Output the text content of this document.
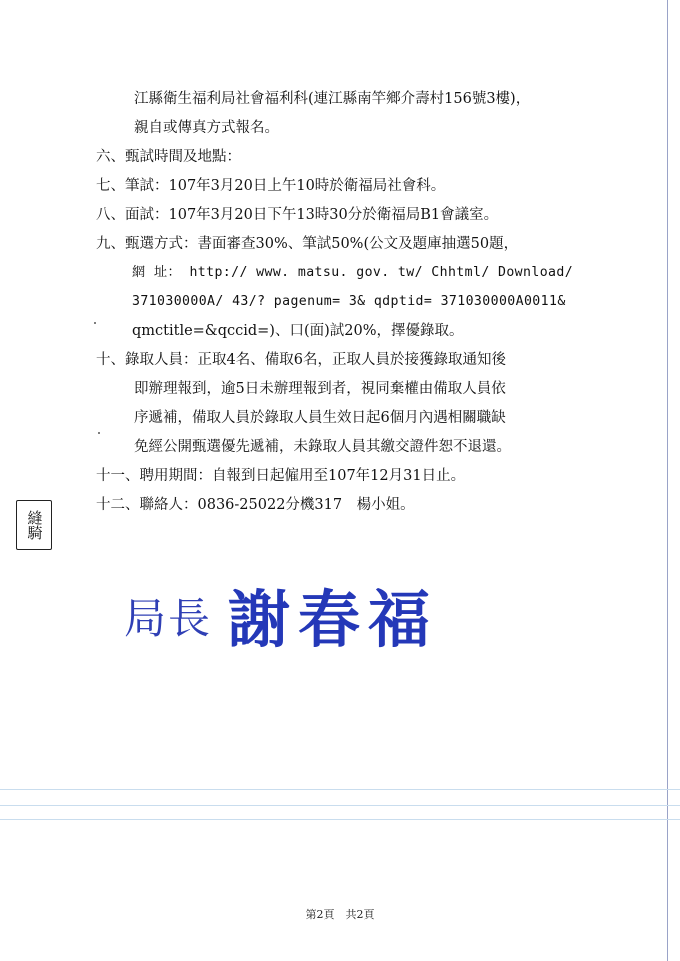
江縣衛生福利局社會福利科(連江縣南竿鄉介壽村156號3樓)，
親自或傳真方式報名。
六、甄試時間及地點：
七、筆試：107年3月20日上午10時於衛福局社會科。
八、面試：107年3月20日下午13時30分於衛福局B1會議室。
九、甄選方式：書面審查30%、筆試50%(公文及題庫抽選50題，
網 址： http:// www. matsu. gov. tw/ Chhtml/ Download/
371030000A/ 43/? pagenum= 3& qdptid= 371030000A0011&
qmctitle=&qccid=)、口(面)試20%，擇優錄取。
十、錄取人員：正取4名、備取6名，正取人員於接獲錄取通知後
即辦理報到，逾5日未辦理報到者，視同棄權由備取人員依
序遞補，備取人員於錄取人員生效日起6個月內遇相關職缺
免經公開甄選優先遞補，未錄取人員其繳交證件恕不退還。
十一、聘用期間：自報到日起僱用至107年12月31日止。
十二、聯絡人：0836-25022分機317　楊小姐。
縫騎
局長 謝春福
第2頁　共2頁
